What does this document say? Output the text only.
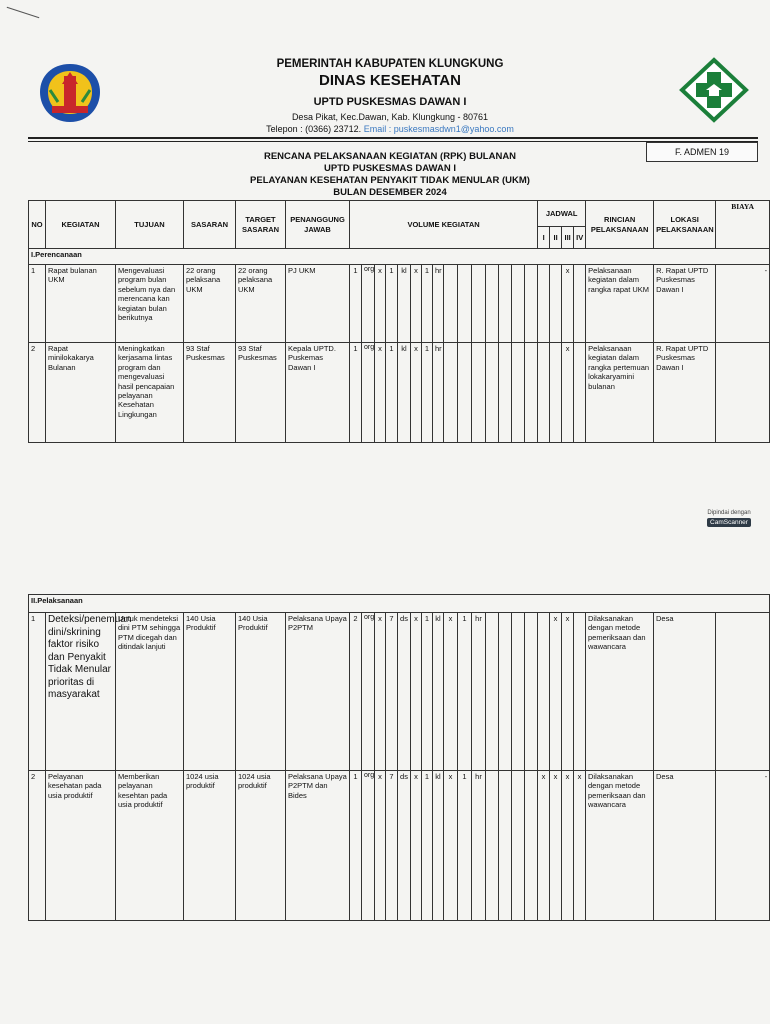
PEMERINTAH KABUPATEN KLUNGKUNG
DINAS KESEHATAN
UPTD PUSKESMAS DAWAN I
Desa Pikat, Kec.Dawan, Kab. Klungkung - 80761
Telepon : (0366) 23712. Email : puskesmasdwn1@yahoo.com
F. ADMEN 19
RENCANA PELAKSANAAN KEGIATAN (RPK) BULANAN
UPTD PUSKESMAS DAWAN I
PELAYANAN KESEHATAN PENYAKIT TIDAK MENULAR (UKM)
BULAN DESEMBER 2024
NO	KEGIATAN	TUJUAN	SASARAN	TARGET SASARAN	PENANGGUNG JAWAB	VOLUME KEGIATAN															JADWAL				RINCIAN PELAKSANAAN	LOKASI PELAKSANAAN	BIAYA
																					I	II	III	IV			
I.Perencanaan																											
1	Rapat bulanan UKM	Mengevaluasi program bulan sebelum nya dan merencana kan kegiatan bulan berikutnya	22 orang pelaksana UKM	22 orang pelaksana UKM	PJ UKM	1	org	x	1	kl	x	1	hr										x		Pelaksanaan kegiatan dalam rangka rapat UKM	R. Rapat UPTD Puskesmas Dawan I	-
2	Rapat minilokakarya Bulanan	Meningkatkan kerjasama lintas program dan mengevaluasi hasil pencapaian pelayanan Kesehatan Lingkungan	93 Staf Puskesmas	93 Staf Puskesmas	Kepala UPTD. Puskemas Dawan I	1	org	x	1	kl	x	1	hr										x		Pelaksanaan kegiatan dalam rangka pertemuan lokakaryamini bulanan	R. Rapat UPTD Puskesmas Dawan I	
Dipindai dengan
CamScanner
II.Pelaksanaan																											
1	Deteksi/penemuan dini/skrining faktor risiko dan Penyakit Tidak Menular prioritas di masyarakat	Untuk mendeteksi dini PTM sehingga PTM dicegah dan ditindak lanjuti	140 Usia Produktif	140 Usia Produktif	Pelaksana Upaya P2PTM	2	org	x	7	ds	x	1	kl	x	1	hr						x	x		Dilaksanakan dengan metode pemeriksaan dan wawancara	Desa	
2	Pelayanan kesehatan pada usia produktif	Memberikan pelayanan kesehtan pada usia produktif	1024 usia produktif	1024 usia produktif	Pelaksana Upaya P2PTM dan Bides	1	org	x	7	ds	x	1	kl	x	1	hr					x	x	x	x	Dilaksanakan dengan metode pemeriksaan dan wawancara	Desa	-
